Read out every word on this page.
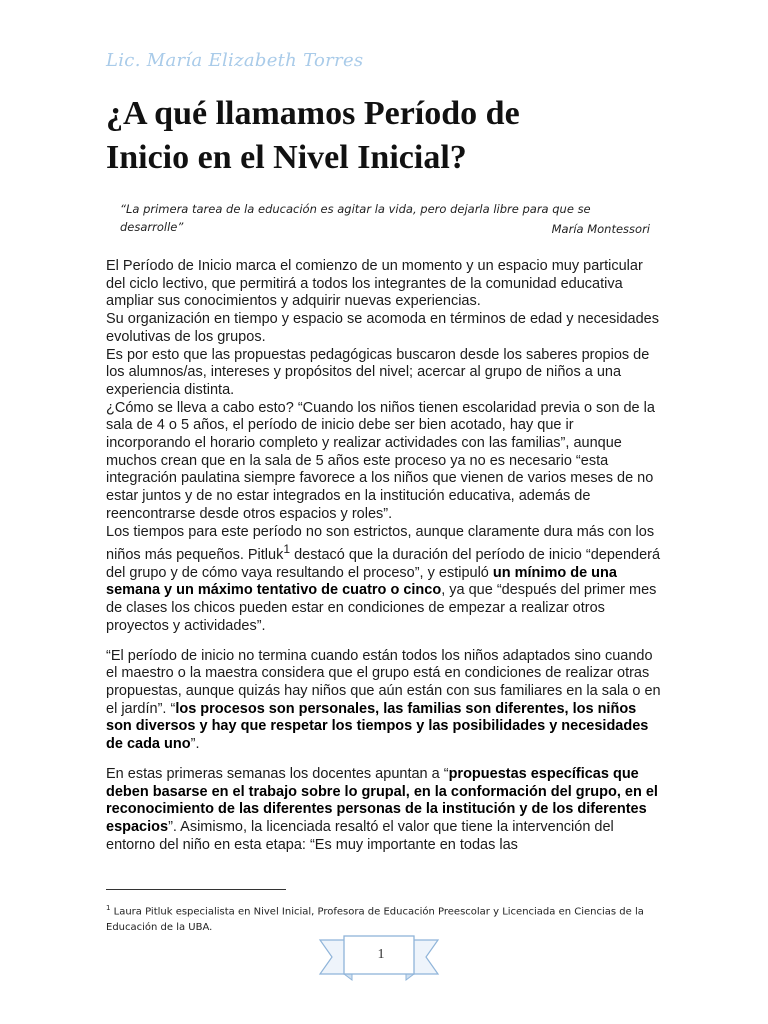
Lic. María Elizabeth Torres
¿A qué llamamos Período de
Inicio en el Nivel Inicial?
“La primera tarea de la educación es agitar la vida, pero dejarla libre para que se desarrolle”	María Montessori

El Período de Inicio marca el comienzo de un momento y un espacio muy particular del ciclo lectivo, que permitirá a todos los integrantes de la comunidad educativa ampliar sus conocimientos y adquirir nuevas experiencias.

Su organización en tiempo y espacio se acomoda en términos de edad y necesidades evolutivas de los grupos.

Es por esto que las propuestas pedagógicas buscaron desde los saberes propios de los alumnos/as, intereses y propósitos del nivel; acercar al grupo de niños a una experiencia distinta.

¿Cómo se lleva a cabo esto? “Cuando los niños tienen escolaridad previa o son de la sala de 4 o 5 años, el período de inicio debe ser bien acotado, hay que ir incorporando el horario completo y realizar actividades con las familias”, aunque muchos crean que en la sala de 5 años este proceso ya no es necesario “esta integración paulatina siempre favorece a los niños que vienen de varios meses de no estar juntos y de no estar integrados en la institución educativa, además de reencontrarse desde otros espacios y roles”.

Los tiempos para este período no son estrictos, aunque claramente dura más con los niños más pequeños. Pitluk$^1$ destacó que la duración del período de inicio “dependerá del grupo y de cómo vaya resultando el proceso”, y estipuló un mínimo de una semana y un máximo tentativo de cuatro o cinco, ya que “después del primer mes de clases los chicos pueden estar en condiciones de empezar a realizar otros proyectos y actividades”.

“El período de inicio no termina cuando están todos los niños adaptados sino cuando el maestro o la maestra considera que el grupo está en condiciones de realizar otras propuestas, aunque quizás hay niños que aún están con sus familiares en la sala o en el jardín”. “los procesos son personales, las familias son diferentes, los niños son diversos y hay que respetar los tiempos y las posibilidades y necesidades de cada uno”.

En estas primeras semanas los docentes apuntan a “propuestas específicas que deben basarse en el trabajo sobre lo grupal, en la conformación del grupo, en el reconocimiento de las diferentes personas de la institución y de los diferentes espacios”. Asimismo, la licenciada resaltó el valor que tiene la intervención del entorno del niño en esta etapa: “Es muy importante en todas las

$^1$ Laura Pitluk especialista en Nivel Inicial, Profesora de Educación Preescolar y Licenciada en Ciencias de la Educación de la UBA.
1
